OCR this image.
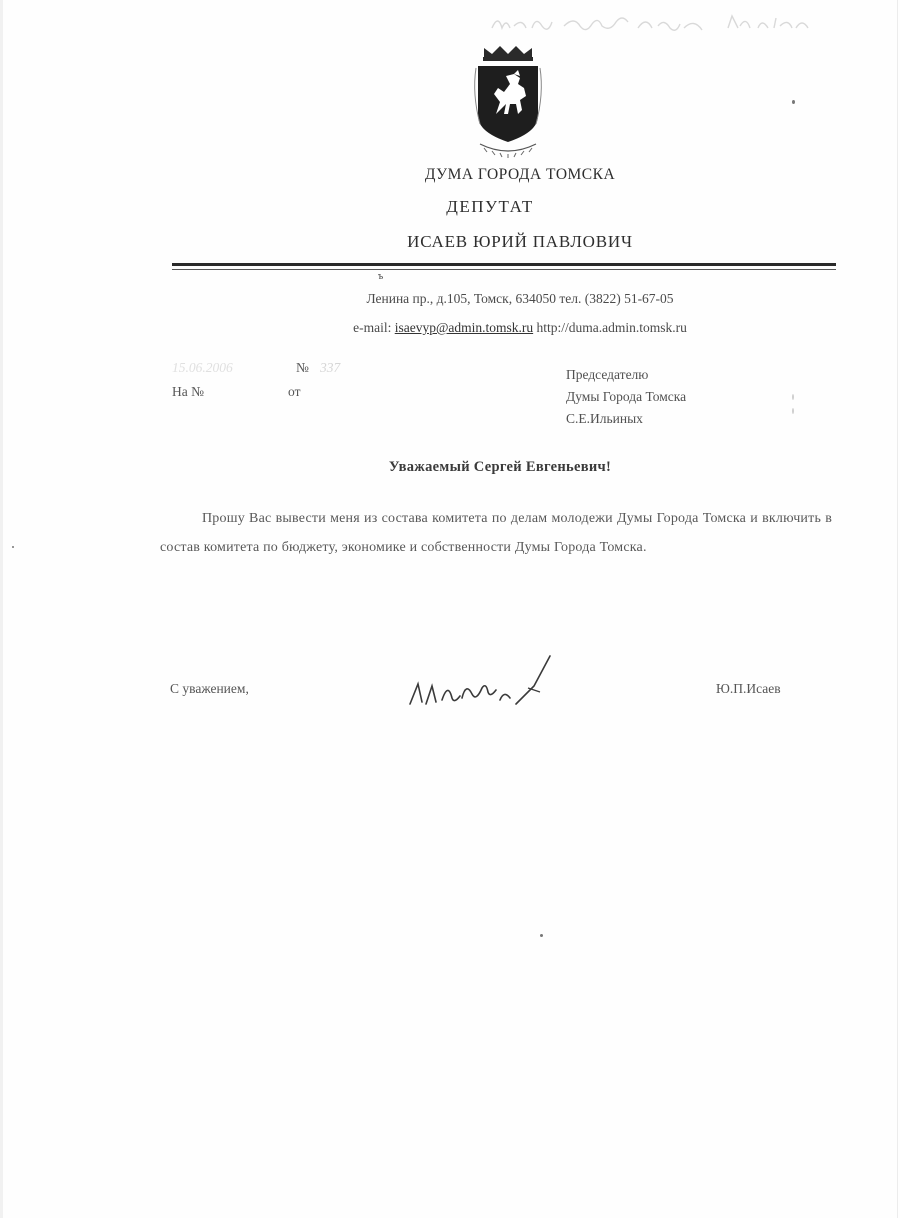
ДУМА ГОРОДА ТОМСКА
ДЕПУТАТ
ИСАЕВ ЮРИЙ ПАВЛОВИЧ
ъ
Ленина пр., д.105, Томск, 634050 тел. (3822) 51-67-05
e-mail: isaevyp@admin.tomsk.ru http://duma.admin.tomsk.ru
15.06.2006	№ 337
На №	от
Председателю
Думы Города Томска
С.Е.Ильиных
Уважаемый Сергей Евгеньевич!
Прошу Вас вывести меня из состава комитета по делам молодежи Думы Города Томска и включить в состав комитета по бюджету, экономике и собственности Думы Города Томска.
С уважением,	Ю.П.Исаев
